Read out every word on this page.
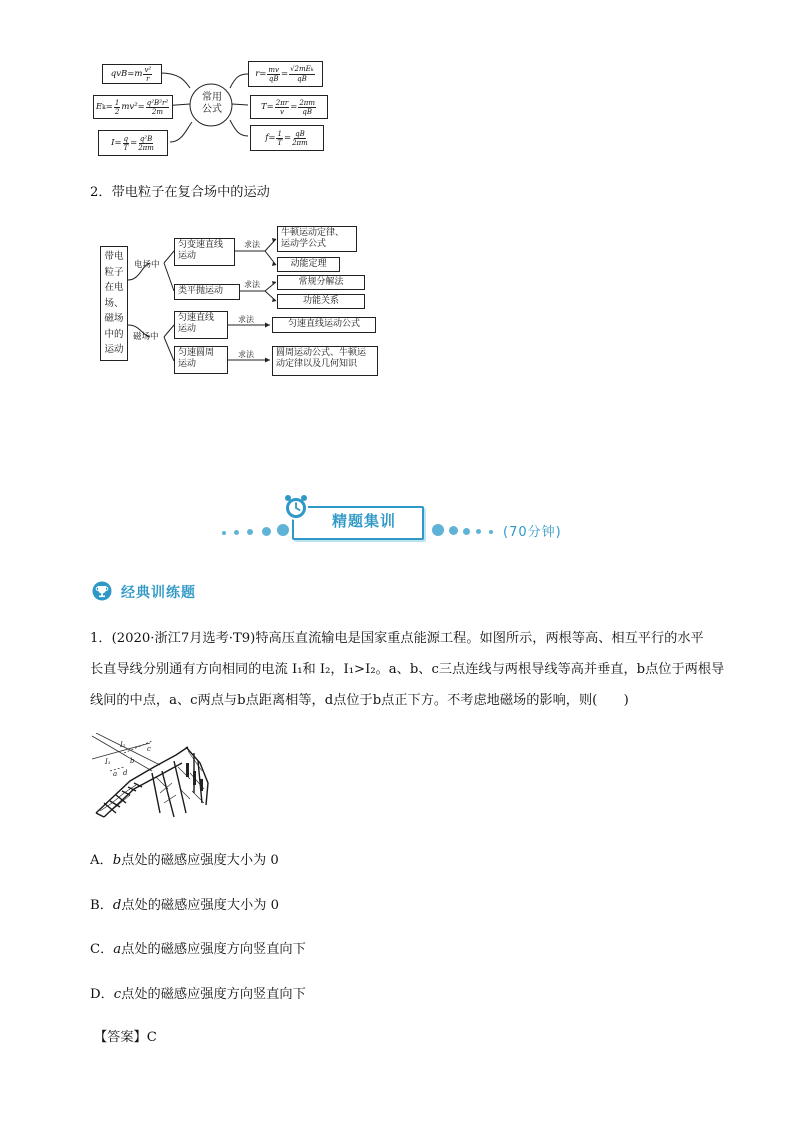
常用
公式
$qvB=m \frac{\text{v²}}{r}$
E $k = \frac{1}{2} mv^2= \frac{\text{q²B²r²}}{2m}$
$I= \frac{q}{T} = \frac{\text{q²B}}{2\pi m}$
$r= \frac{mv}{qB} = \frac{\text{√2mEk}}{qB}$
$T= \frac{2\pi r}{v} = \frac{2\pi m}{qB}$
$f= \frac{1}{T} = \frac{qB}{2\pi m}$
2．带电粒子在复合场中的运动
带电
粒子
在电
场、
磁场
中的
运动
电场中
磁场中
匀变速直线
运动
类平抛运动
匀速直线
运动
匀速圆周
运动
求法
求法
求法
求法
牛顿运动定律、
运动学公式
动能定理
常规分解法
功能关系
匀速直线运动公式
圆周运动公式、牛顿运
动定律以及几何知识
精题集训
(70分钟)
经典训练题
1．(2020·浙江7月选考·T9)特高压直流输电是国家重点能源工程。如图所示，两根等高、相互平行的水平
长直导线分别通有方向相同的电流 I₁和 I₂，I₁>I₂。a、b、c三点连线与两根导线等高并垂直，b点位于两根导
线间的中点，a、c两点与b点距离相等，d点位于b点正下方。不考虑地磁场的影响，则(　　)
I₂
I₁
c
b
a d
A．b点处的磁感应强度大小为 0
B．d点处的磁感应强度大小为 0
C．a点处的磁感应强度方向竖直向下
D．c点处的磁感应强度方向竖直向下
【答案】C
